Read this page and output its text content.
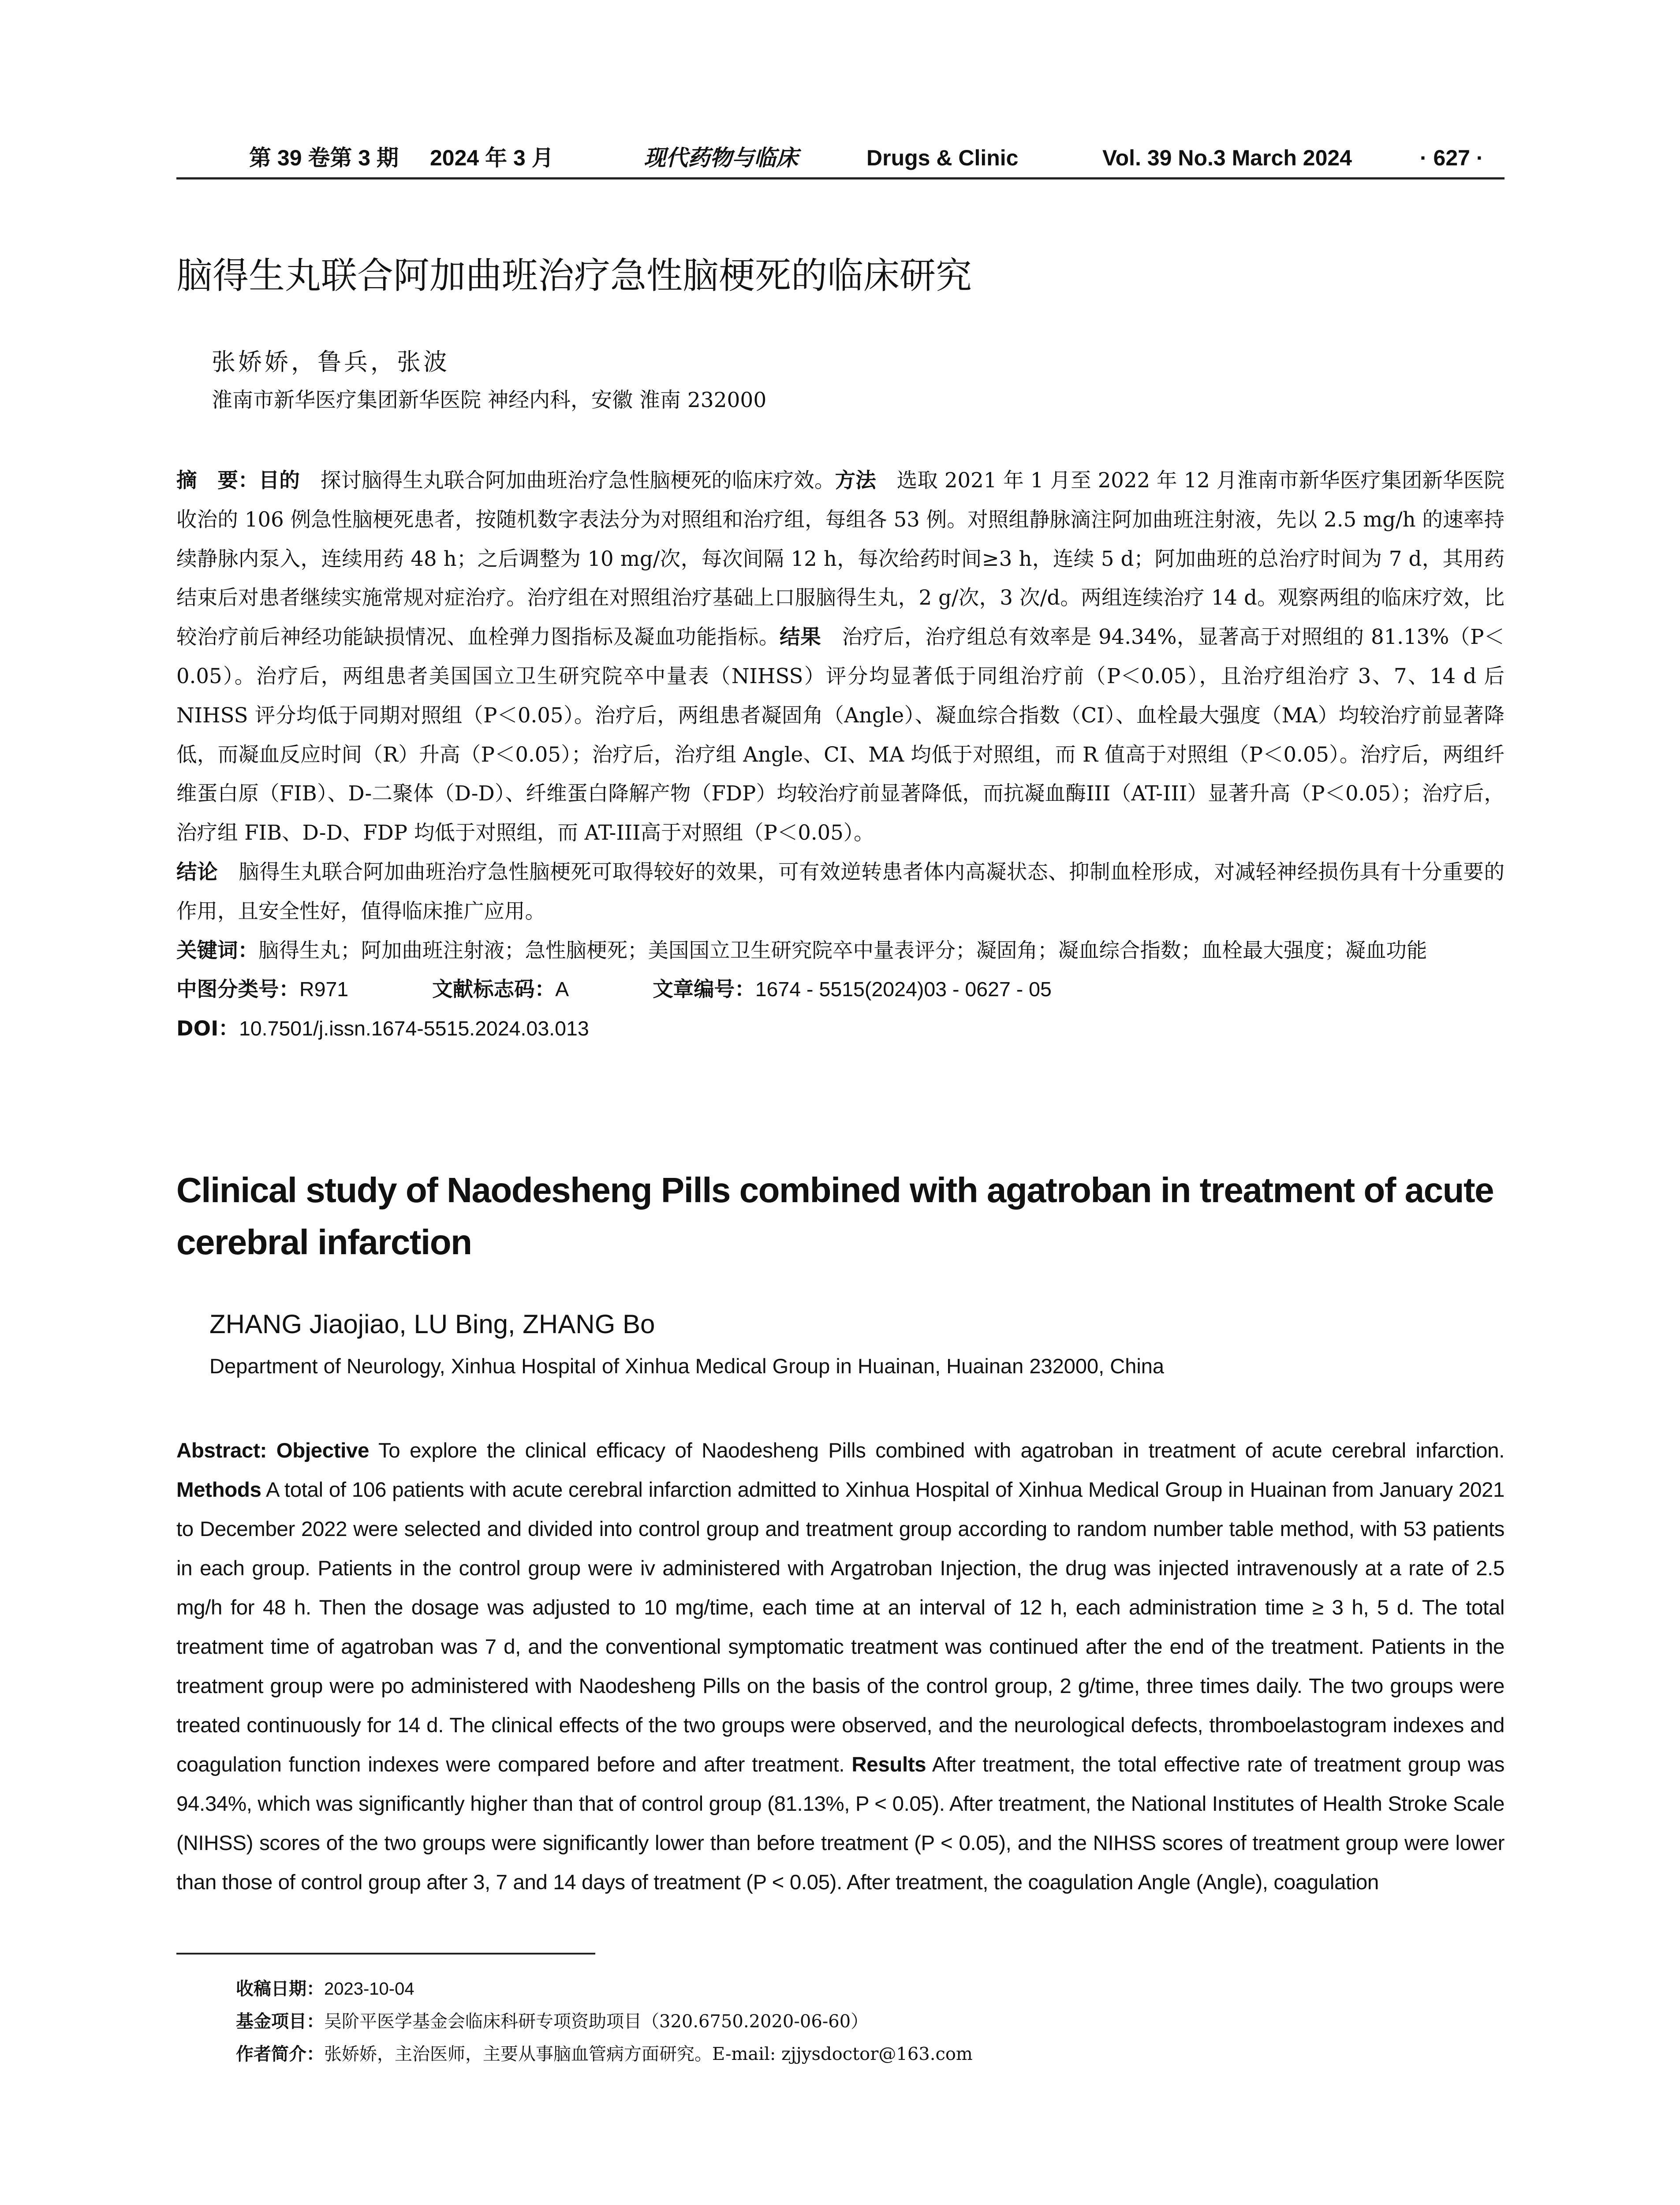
第 39 卷第 3 期 2024 年 3 月	现代药物与临床	Drugs & Clinic	Vol. 39 No.3 March 2024	· 627 ·
脑得生丸联合阿加曲班治疗急性脑梗死的临床研究
张娇娇，鲁兵，张波
淮南市新华医疗集团新华医院 神经内科，安徽 淮南 232000

摘　要：目的　探讨脑得生丸联合阿加曲班治疗急性脑梗死的临床疗效。方法　选取 2021 年 1 月至 2022 年 12 月淮南市新华医疗集团新华医院收治的 106 例急性脑梗死患者，按随机数字表法分为对照组和治疗组，每组各 53 例。对照组静脉滴注阿加曲班注射液，先以 2.5 mg/h 的速率持续静脉内泵入，连续用药 48 h；之后调整为 10 mg/次，每次间隔 12 h，每次给药时间≥3 h，连续 5 d；阿加曲班的总治疗时间为 7 d，其用药结束后对患者继续实施常规对症治疗。治疗组在对照组治疗基础上口服脑得生丸，2 g/次，3 次/d。两组连续治疗 14 d。观察两组的临床疗效，比较治疗前后神经功能缺损情况、血栓弹力图指标及凝血功能指标。结果　治疗后，治疗组总有效率是 94.34%，显著高于对照组的 81.13%（P＜0.05）。治疗后，两组患者美国国立卫生研究院卒中量表（NIHSS）评分均显著低于同组治疗前（P＜0.05），且治疗组治疗 3、7、14 d 后 NIHSS 评分均低于同期对照组（P＜0.05）。治疗后，两组患者凝固角（Angle）、凝血综合指数（CI）、血栓最大强度（MA）均较治疗前显著降低，而凝血反应时间（R）升高（P＜0.05）；治疗后，治疗组 Angle、CI、MA 均低于对照组，而 R 值高于对照组（P＜0.05）。治疗后，两组纤维蛋白原（FIB）、D-二聚体（D-D）、纤维蛋白降解产物（FDP）均较治疗前显著降低，而抗凝血酶III（AT-III）显著升高（P＜0.05）；治疗后，治疗组 FIB、D-D、FDP 均低于对照组，而 AT-III高于对照组（P＜0.05）。

结论　脑得生丸联合阿加曲班治疗急性脑梗死可取得较好的效果，可有效逆转患者体内高凝状态、抑制血栓形成，对减轻神经损伤具有十分重要的作用，且安全性好，值得临床推广应用。

关键词：脑得生丸；阿加曲班注射液；急性脑梗死；美国国立卫生研究院卒中量表评分；凝固角；凝血综合指数；血栓最大强度；凝血功能

中图分类号：R971	文献标志码：A	文章编号：1674 - 5515(2024)03 - 0627 - 05

DOI：10.7501/j.issn.1674-5515.2024.03.013

Clinical study of Naodesheng Pills combined with agatroban in treatment of acute cerebral infarction
ZHANG Jiaojiao, LU Bing, ZHANG Bo
Department of Neurology, Xinhua Hospital of Xinhua Medical Group in Huainan, Huainan 232000, China

Abstract: Objective To explore the clinical efficacy of Naodesheng Pills combined with agatroban in treatment of acute cerebral infarction. Methods A total of 106 patients with acute cerebral infarction admitted to Xinhua Hospital of Xinhua Medical Group in Huainan from January 2021 to December 2022 were selected and divided into control group and treatment group according to random number table method, with 53 patients in each group. Patients in the control group were iv administered with Argatroban Injection, the drug was injected intravenously at a rate of 2.5 mg/h for 48 h. Then the dosage was adjusted to 10 mg/time, each time at an interval of 12 h, each administration time ≥ 3 h, 5 d. The total treatment time of agatroban was 7 d, and the conventional symptomatic treatment was continued after the end of the treatment. Patients in the treatment group were po administered with Naodesheng Pills on the basis of the control group, 2 g/time, three times daily. The two groups were treated continuously for 14 d. The clinical effects of the two groups were observed, and the neurological defects, thromboelastogram indexes and coagulation function indexes were compared before and after treatment. Results After treatment, the total effective rate of treatment group was 94.34%, which was significantly higher than that of control group (81.13%, P < 0.05). After treatment, the National Institutes of Health Stroke Scale (NIHSS) scores of the two groups were significantly lower than before treatment (P < 0.05), and the NIHSS scores of treatment group were lower than those of control group after 3, 7 and 14 days of treatment (P < 0.05). After treatment, the coagulation Angle (Angle), coagulation

收稿日期：2023-10-04
基金项目：吴阶平医学基金会临床科研专项资助项目（320.6750.2020-06-60）
作者简介：张娇娇，主治医师，主要从事脑血管病方面研究。E-mail: zjjysdoctor@163.com
